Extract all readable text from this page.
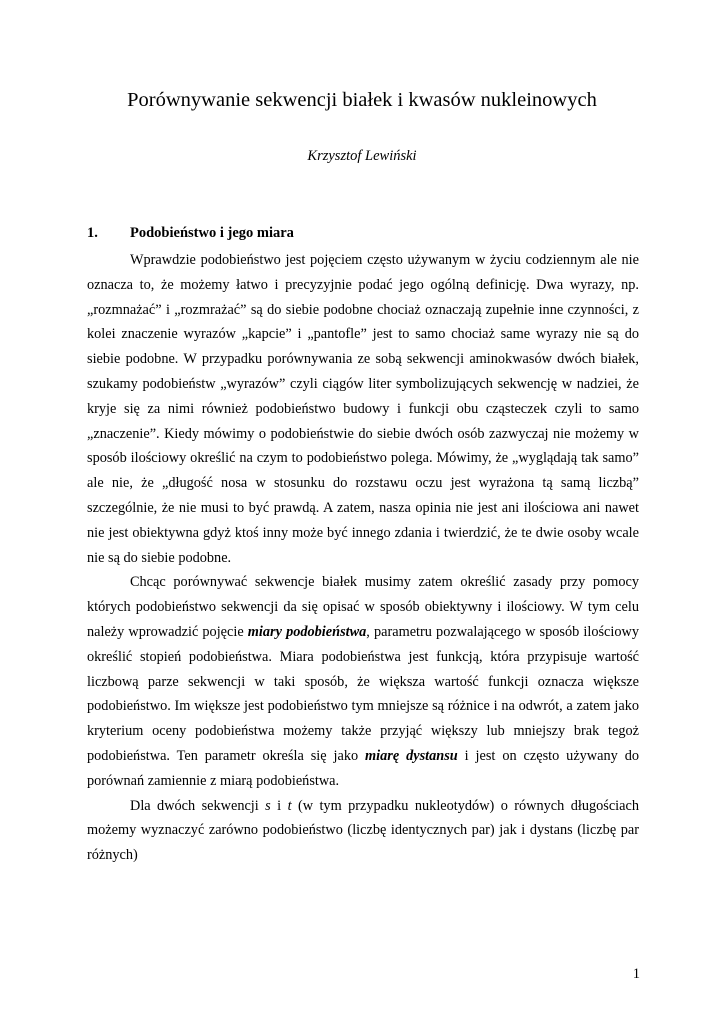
Porównywanie sekwencji białek i kwasów nukleinowych
Krzysztof Lewiński
1. Podobieństwo i jego miara

Wprawdzie podobieństwo jest pojęciem często używanym w życiu codziennym ale nie oznacza to, że możemy łatwo i precyzyjnie podać jego ogólną definicję. Dwa wyrazy, np. „rozmnażać” i „rozmrażać” są do siebie podobne chociaż oznaczają zupełnie inne czynności, z kolei znaczenie wyrazów „kapcie” i „pantofle” jest to samo chociaż same wyrazy nie są do siebie podobne. W przypadku porównywania ze sobą sekwencji aminokwasów dwóch białek, szukamy podobieństw „wyrazów” czyli ciągów liter symbolizujących sekwencję w nadziei, że kryje się za nimi również podobieństwo budowy i funkcji obu cząsteczek czyli to samo „znaczenie”. Kiedy mówimy o podobieństwie do siebie dwóch osób zazwyczaj nie możemy w sposób ilościowy określić na czym to podobieństwo polega. Mówimy, że „wyglądają tak samo” ale nie, że „długość nosa w stosunku do rozstawu oczu jest wyrażona tą samą liczbą” szczególnie, że nie musi to być prawdą. A zatem, nasza opinia nie jest ani ilościowa ani nawet nie jest obiektywna gdyż ktoś inny może być innego zdania i twierdzić, że te dwie osoby wcale nie są do siebie podobne.

Chcąc porównywać sekwencje białek musimy zatem określić zasady przy pomocy których podobieństwo sekwencji da się opisać w sposób obiektywny i ilościowy. W tym celu należy wprowadzić pojęcie miary podobieństwa, parametru pozwalającego w sposób ilościowy określić stopień podobieństwa. Miara podobieństwa jest funkcją, która przypisuje wartość liczbową parze sekwencji w taki sposób, że większa wartość funkcji oznacza większe podobieństwo. Im większe jest podobieństwo tym mniejsze są różnice i na odwrót, a zatem jako kryterium oceny podobieństwa możemy także przyjąć większy lub mniejszy brak tegoż podobieństwa. Ten parametr określa się jako miarę dystansu i jest on często używany do porównań zamiennie z miarą podobieństwa.

Dla dwóch sekwencji s i t (w tym przypadku nukleotydów) o równych długościach możemy wyznaczyć zarówno podobieństwo (liczbę identycznych par) jak i dystans (liczbę par różnych)

1
